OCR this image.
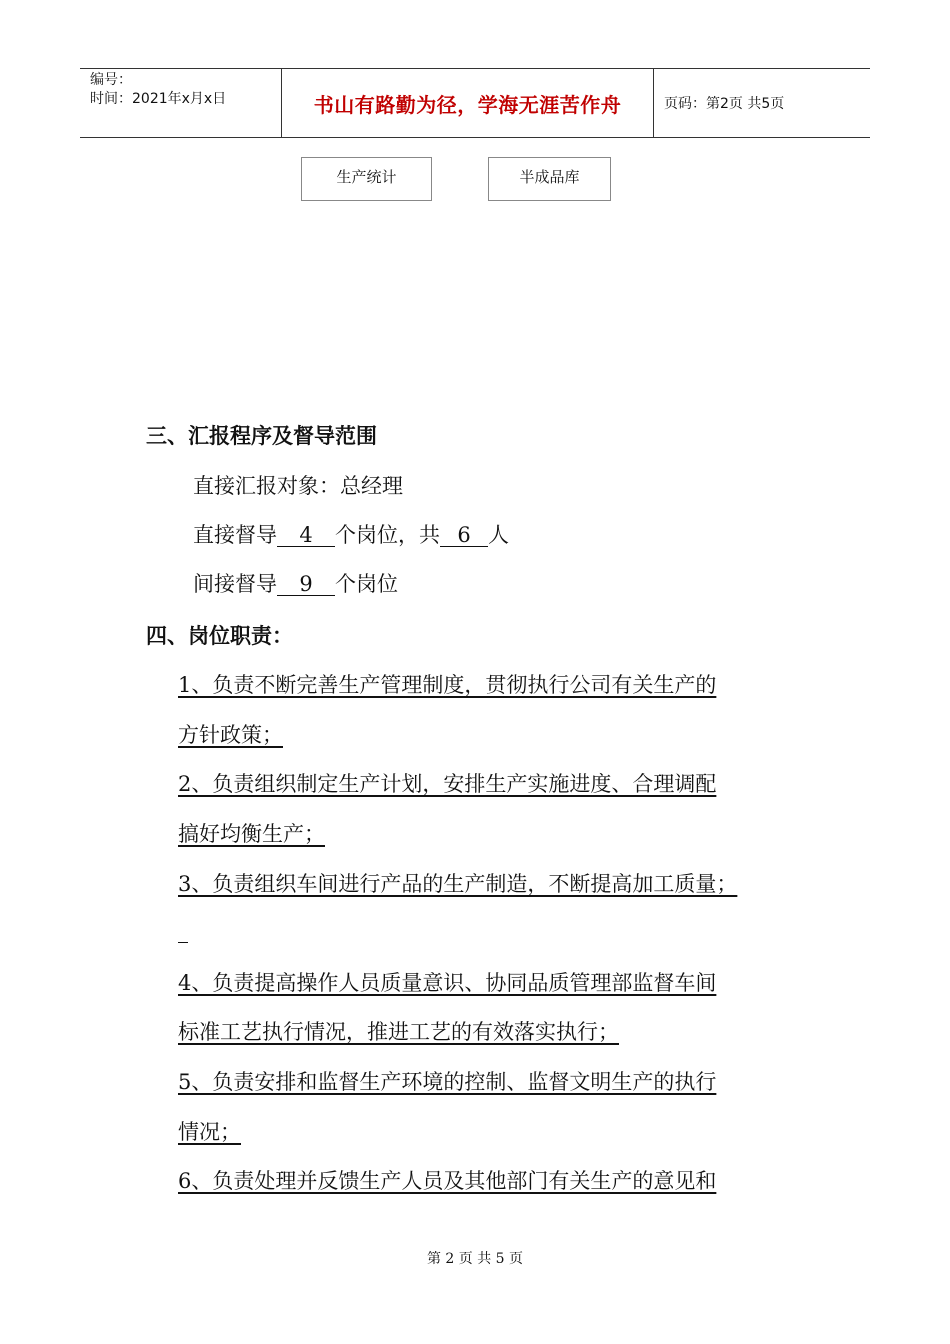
编号：
时间：2021年x月x日	书山有路勤为径，学海无涯苦作舟	页码：第2页 共5页
生产统计	半成品库
三、汇报程序及督导范围
直接汇报对象：总经理
直接督导 4 个岗位，共 6 人
间接督导 9 个岗位
四、岗位职责：
1、负责不断完善生产管理制度，贯彻执行公司有关生产的
方针政策；
2、负责组织制定生产计划，安排生产实施进度、合理调配
搞好均衡生产；
3、负责组织车间进行产品的生产制造，不断提高加工质量；
4、负责提高操作人员质量意识、协同品质管理部监督车间
标准工艺执行情况，推进工艺的有效落实执行；
5、负责安排和监督生产环境的控制、监督文明生产的执行
情况；
6、负责处理并反馈生产人员及其他部门有关生产的意见和
第 2 页 共 5 页
